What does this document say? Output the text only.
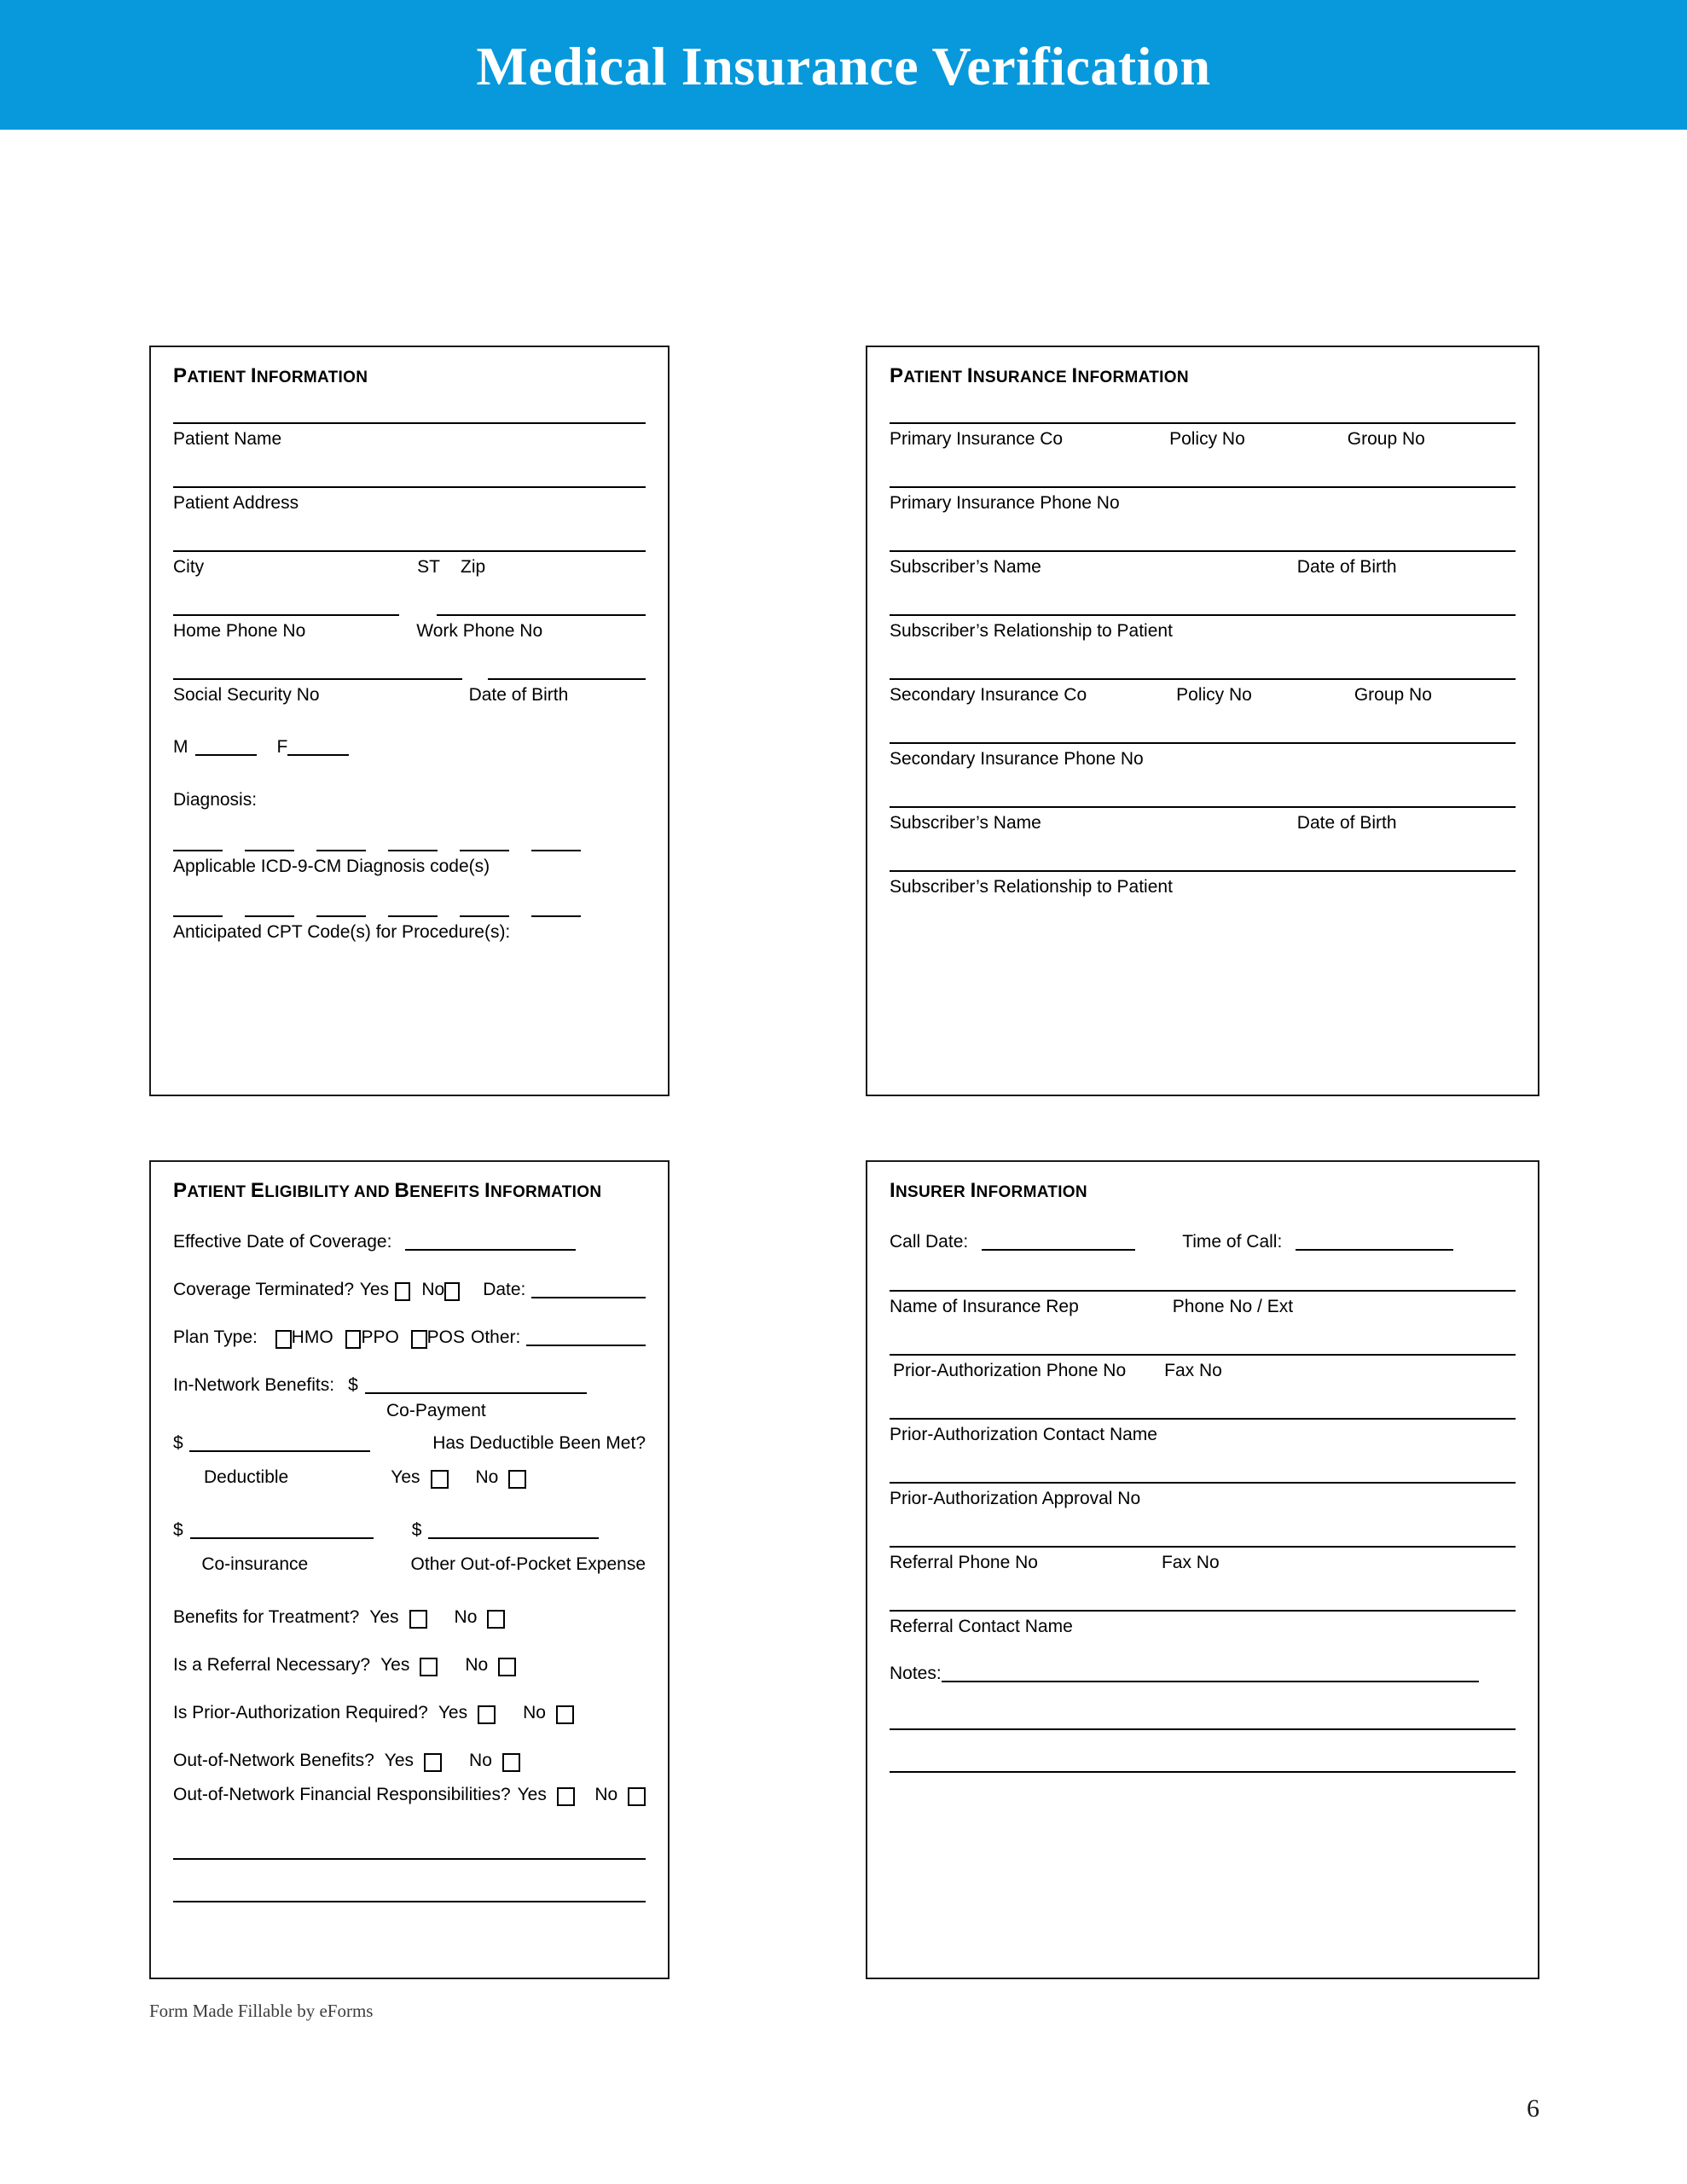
Medical Insurance Verification
PATIENT INFORMATION
Patient Name
Patient Address
City	ST Zip
Home Phone No	Work Phone No
Social Security No	Date of Birth
M	F
Diagnosis:
Applicable ICD-9-CM Diagnosis code(s)
Anticipated CPT Code(s) for Procedure(s):
PATIENT INSURANCE INFORMATION
Primary Insurance Co	Policy No	Group No
Primary Insurance Phone No
Subscriber’s Name	Date of Birth
Subscriber’s Relationship to Patient
Secondary Insurance Co	Policy No	Group No
Secondary Insurance Phone No
Subscriber’s Name	Date of Birth
Subscriber’s Relationship to Patient
PATIENT ELIGIBILITY AND BENEFITS INFORMATION
Effective Date of Coverage:
Coverage Terminated? Yes No Date:
Plan Type: HMO PPO POS Other:
In-Network Benefits: $
Co-Payment
$	Has Deductible Been Met?
Deductible	Yes	No
$	$
Co-insurance	Other Out-of-Pocket Expense
Benefits for Treatment? Yes	No
Is a Referral Necessary? Yes	No
Is Prior-Authorization Required? Yes	No
Out-of-Network Benefits? Yes	No
Out-of-Network Financial Responsibilities? Yes	No
INSURER INFORMATION
Call Date:	Time of Call:
Name of Insurance Rep	Phone No / Ext
Prior-Authorization Phone No Fax No
Prior-Authorization Contact Name
Prior-Authorization Approval No
Referral Phone No	Fax No
Referral Contact Name
Notes:
Form Made Fillable by eForms
6
